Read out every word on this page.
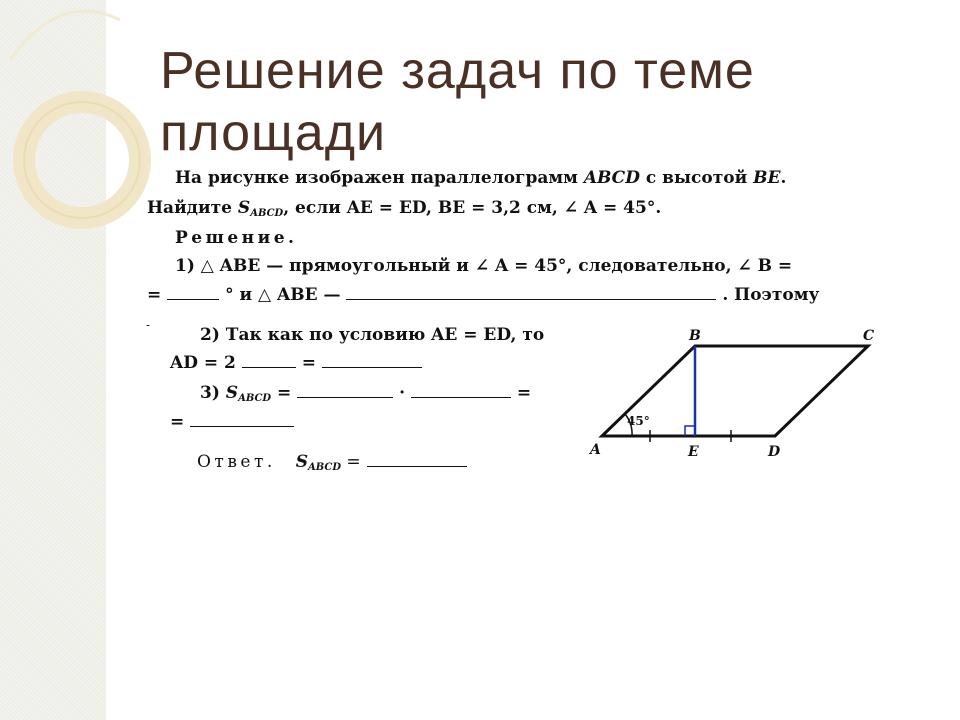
Решение задач по теме площади
На рисунке изображен параллелограмм ABCD с высотой BE.
Найдите $S_{ABCD}$, если AE = ED, BE = 3,2 см, ∠ A = 45°.
Решение.
1) △ ABE — прямоугольный и ∠ A = 45°, следовательно, ∠ B =
=	° и △ ABE —	. Поэтому
-	2) Так как по условию AE = ED, то
AD = 2	=
3) $S_{ABCD}$ =	·	=
=
Ответ. $S_{ABCD}$ =
45°
A
B	C
D
E
